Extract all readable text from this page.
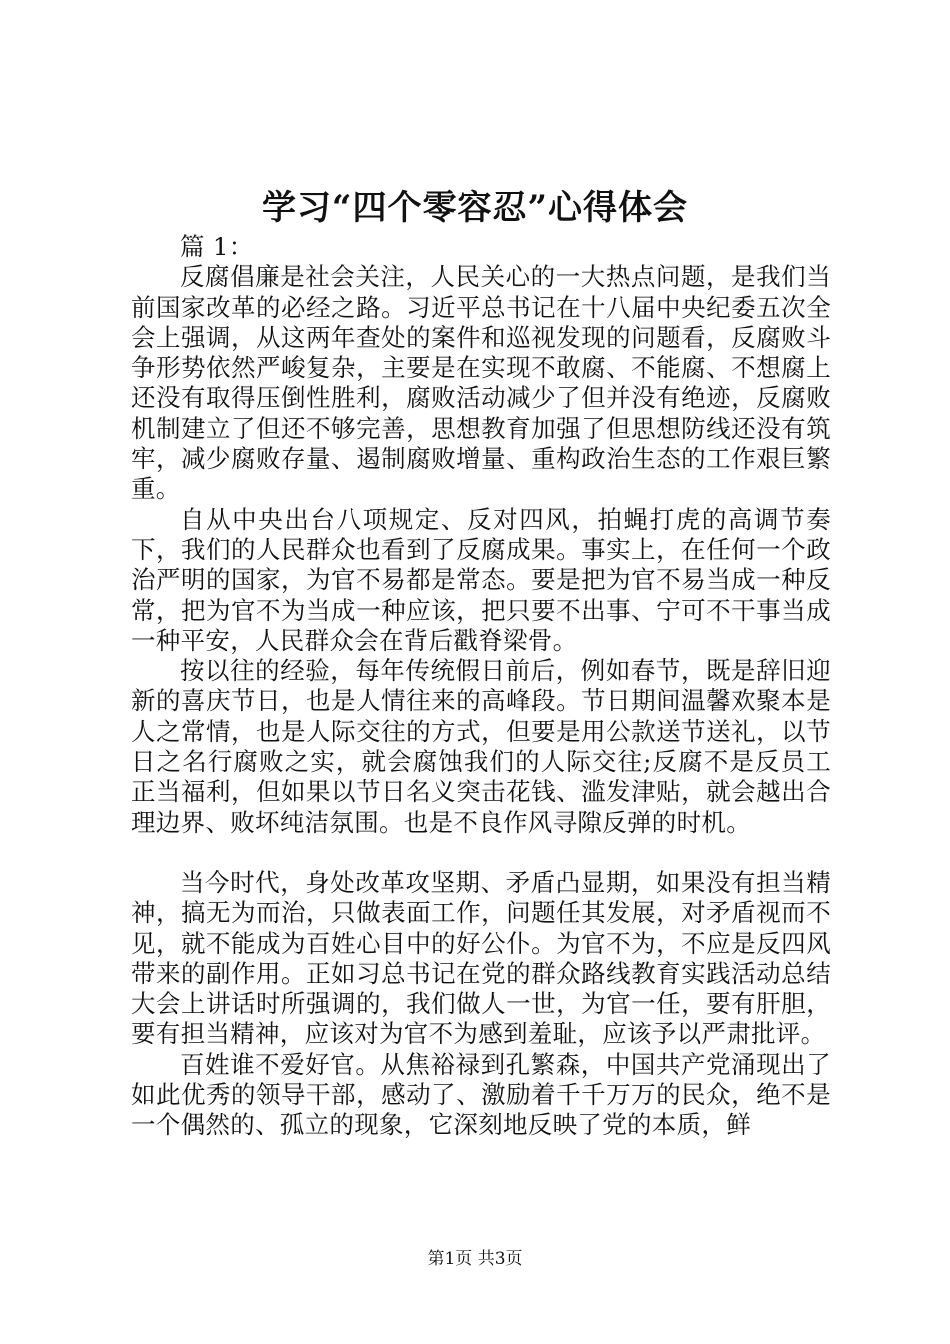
学习“四个零容忍”心得体会

篇 1：

反腐倡廉是社会关注，人民关心的一大热点问题，是我们当前国家改革的必经之路。习近平总书记在十八届中央纪委五次全会上强调，从这两年查处的案件和巡视发现的问题看，反腐败斗争形势依然严峻复杂，主要是在实现不敢腐、不能腐、不想腐上还没有取得压倒性胜利，腐败活动减少了但并没有绝迹，反腐败机制建立了但还不够完善，思想教育加强了但思想防线还没有筑牢，减少腐败存量、遏制腐败增量、重构政治生态的工作艰巨繁重。

自从中央出台八项规定、反对四风，拍蝇打虎的高调节奏下，我们的人民群众也看到了反腐成果。事实上，在任何一个政治严明的国家，为官不易都是常态。要是把为官不易当成一种反常，把为官不为当成一种应该，把只要不出事、宁可不干事当成一种平安，人民群众会在背后戳脊梁骨。

按以往的经验，每年传统假日前后，例如春节，既是辞旧迎新的喜庆节日，也是人情往来的高峰段。节日期间温馨欢聚本是人之常情，也是人际交往的方式，但要是用公款送节送礼，以节日之名行腐败之实，就会腐蚀我们的人际交往;反腐不是反员工正当福利，但如果以节日名义突击花钱、滥发津贴，就会越出合理边界、败坏纯洁氛围。也是不良作风寻隙反弹的时机。

当今时代，身处改革攻坚期、矛盾凸显期，如果没有担当精神，搞无为而治，只做表面工作，问题任其发展，对矛盾视而不见，就不能成为百姓心目中的好公仆。为官不为，不应是反四风带来的副作用。正如习总书记在党的群众路线教育实践活动总结大会上讲话时所强调的，我们做人一世，为官一任，要有肝胆，要有担当精神，应该对为官不为感到羞耻，应该予以严肃批评。

百姓谁不爱好官。从焦裕禄到孔繁森，中国共产党涌现出了如此优秀的领导干部，感动了、激励着千千万万的民众，绝不是一个偶然的、孤立的现象，它深刻地反映了党的本质，鲜

第1页 共3页
